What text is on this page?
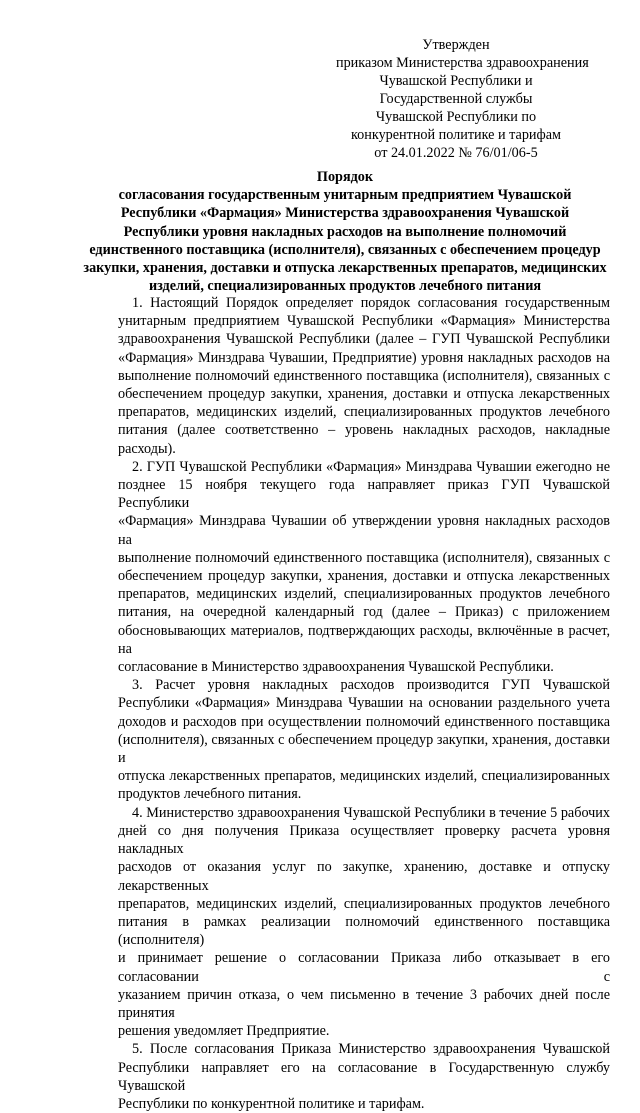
Утвержден
приказом Министерства здравоохранения
Чувашской Республики и
Государственной службы
Чувашской Республики по
конкурентной политике и тарифам
от 24.01.2022 № 76/01/06-5
Порядок
согласования государственным унитарным предприятием Чувашской
Республики «Фармация» Министерства здравоохранения Чувашской
Республики уровня накладных расходов на выполнение полномочий
единственного поставщика (исполнителя), связанных с обеспечением процедур
закупки, хранения, доставки и отпуска лекарственных препаратов, медицинских
изделий, специализированных продуктов лечебного питания

1. Настоящий Порядок определяет порядок согласования государственным
унитарным предприятием Чувашской Республики «Фармация» Министерства
здравоохранения Чувашской Республики (далее – ГУП Чувашской Республики
«Фармация» Минздрава Чувашии, Предприятие) уровня накладных расходов на
выполнение полномочий единственного поставщика (исполнителя), связанных с
обеспечением процедур закупки, хранения, доставки и отпуска лекарственных
препаратов, медицинских изделий, специализированных продуктов лечебного
питания (далее соответственно – уровень накладных расходов, накладные расходы).

2. ГУП Чувашской Республики «Фармация» Минздрава Чувашии ежегодно не
позднее 15 ноября текущего года направляет приказ ГУП Чувашской Республики
«Фармация» Минздрава Чувашии об утверждении уровня накладных расходов на
выполнение полномочий единственного поставщика (исполнителя), связанных с
обеспечением процедур закупки, хранения, доставки и отпуска лекарственных
препаратов, медицинских изделий, специализированных продуктов лечебного
питания, на очередной календарный год (далее – Приказ) с приложением
обосновывающих материалов, подтверждающих расходы, включённые в расчет, на
согласование в Министерство здравоохранения Чувашской Республики.

3. Расчет уровня накладных расходов производится ГУП Чувашской
Республики «Фармация» Минздрава Чувашии на основании раздельного учета
доходов и расходов при осуществлении полномочий единственного поставщика
(исполнителя), связанных с обеспечением процедур закупки, хранения, доставки и
отпуска лекарственных препаратов, медицинских изделий, специализированных
продуктов лечебного питания.

4. Министерство здравоохранения Чувашской Республики в течение 5 рабочих
дней со дня получения Приказа осуществляет проверку расчета уровня накладных
расходов от оказания услуг по закупке, хранению, доставке и отпуску лекарственных
препаратов, медицинских изделий, специализированных продуктов лечебного
питания в рамках реализации полномочий единственного поставщика (исполнителя)
и принимает решение о согласовании Приказа либо отказывает в его согласовании с
указанием причин отказа, о чем письменно в течение 3 рабочих дней после принятия
решения уведомляет Предприятие.

5. После согласования Приказа Министерство здравоохранения Чувашской
Республики направляет его на согласование в Государственную службу Чувашской
Республики по конкурентной политике и тарифам.
